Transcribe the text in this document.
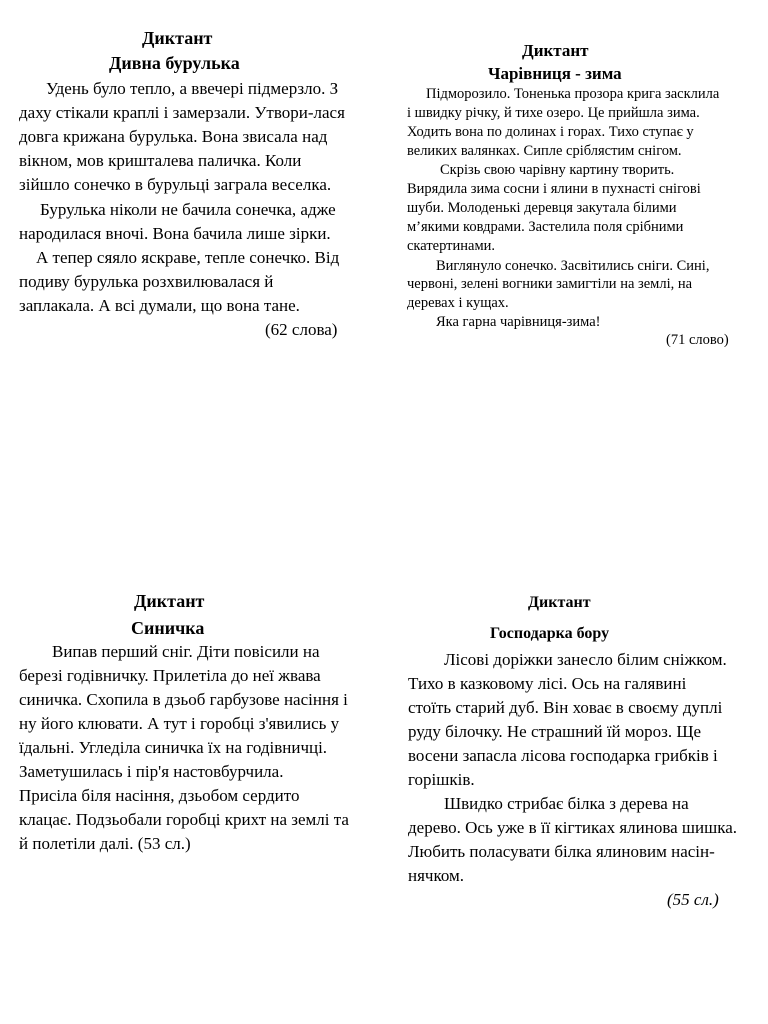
Диктант
Дивна бурулька
Удень було тепло, а ввечері підмерзло. З
даху стікали краплі і замерзали. Утвори-лася
довга крижана бурулька. Вона звисала над
вікном, мов кришталева паличка. Коли
зійшло сонечко в бурульці заграла веселка.
Бурулька ніколи не бачила сонечка, адже
народилася вночі. Вона бачила лише зірки.
А тепер сяяло яскраве, тепле сонечко. Від
подиву бурулька розхвилювалася й
заплакала. А всі думали, що вона тане.
(62 слова)
Диктант
Чарівниця - зима
Підморозило. Тоненька прозора крига засклила
і швидку річку, й тихе озеро. Це прийшла зима.
Ходить вона по долинах і горах. Тихо ступає у
великих валянках. Сипле сріблястим снігом.
Скрізь свою чарівну картину творить.
Вирядила зима сосни і ялини в пухнасті снігові
шуби. Молоденькі деревця закутала білими
м’якими ковдрами. Застелила поля срібними
скатертинами.
Виглянуло сонечко. Засвітились сніги. Сині,
червоні, зелені вогники замигтіли на землі, на
деревах і кущах.
Яка гарна чарівниця-зима!
(71 слово)
Диктант
Синичка
Випав перший сніг. Діти повісили на
березі годівничку. Прилетіла до неї жвава
синичка. Схопила в дзьоб гарбузове насіння і
ну його клювати. А тут і горобці з'явились у
їдальні. Угледіла синичка їх на годівничці.
Заметушилась і пір'я настовбурчила.
Присіла біля насіння, дзьобом сердито
клацає. Подзьобали горобці крихт на землі та
й полетіли далі. (53 сл.)
Диктант
Господарка бору
Лісові доріжки занесло білим сніжком.
Тихо в казковому лісі. Ось на галявині
стоїть старий дуб. Він ховає в своєму дуплі
руду білочку. Не страшний їй мороз. Ще
восени запасла лісова господарка грибків і
горішків.
Швидко стрибає білка з дерева на
дерево. Ось уже в її кігтиках ялинова шишка.
Любить поласувати білка ялиновим насін-
нячком.
(55 сл.)
